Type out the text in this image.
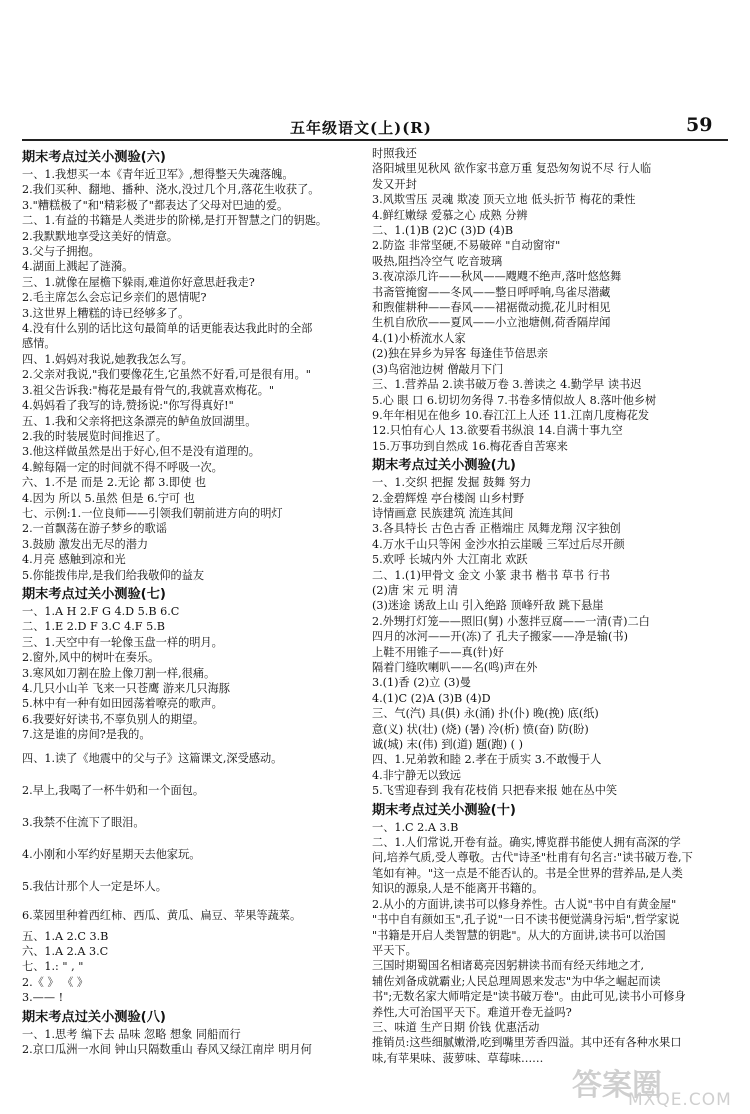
五年级语文(上)(R)	59
期末考点过关小测验(六)
一、1.我想买一本《青年近卫军》,想得整天失魂落魄。
2.我们买种、翻地、播种、浇水,没过几个月,落花生收获了。
3."糟糕极了"和"精彩极了"都表达了父母对巴迪的爱。
二、1.有益的书籍是人类进步的阶梯,是打开智慧之门的钥匙。
2.我默默地享受这美好的情意。
3.父与子拥抱。
4.湖面上溅起了涟漪。
三、1.就像在屋檐下躲雨,难道你好意思赶我走?
2.毛主席怎么会忘记乡亲们的恩情呢?
3.这世界上糟糕的诗已经够多了。
4.没有什么别的话比这句最简单的话更能表达我此时的全部
感情。
四、1.妈妈对我说,她教我怎么写。
2.父亲对我说,"我们要像花生,它虽然不好看,可是很有用。"
3.祖父告诉我:"梅花是最有骨气的,我就喜欢梅花。"
4.妈妈看了我写的诗,赞扬说:"你写得真好!"
五、1.我和父亲将把这条漂亮的鲈鱼放回湖里。
2.我的时装展览时间推迟了。
3.他这样做虽然是出于好心,但不是没有道理的。
4.鲸每隔一定的时间就不得不呼吸一次。
六、1.不是 而是 2.无论 都 3.即使 也
4.因为 所以 5.虽然 但是 6.宁可 也
七、示例:1.一位良师——引领我们朝前进方向的明灯
2.一首飘荡在游子梦乡的歌谣
3.鼓励 激发出无尽的潜力
4.月亮 感触到凉和光
5.你能拨伟岸,是我们给我敬仰的益友
期末考点过关小测验(七)
一、1.A H 2.F G 4.D 5.B 6.C
二、1.E 2.D F 3.C 4.F 5.B
三、1.天空中有一轮像玉盘一样的明月。
2.窗外,风中的树叶在奏乐。
3.寒风如刀割在脸上像刀割一样,很痛。
4.几只小山羊 飞来一只苍鹰 游来几只海豚
5.林中有一种有如田园荡着嘹亮的歌声。
6.我要好好读书,不辜负别人的期望。
7.这是谁的房间?是我的。
四、1.读了《地震中的父与子》这篇课文,深受感动。
2.早上,我喝了一杯牛奶和一个面包。
3.我禁不住流下了眼泪。
4.小刚和小军约好星期天去他家玩。
5.我估计那个人一定是坏人。
6.菜园里种着西红柿、西瓜、黄瓜、扁豆、苹果等蔬菜。
五、1.A 2.C 3.B
六、1.A 2.A 3.C
七、1.: " , "
2.《 》 《 》
3.—— !
期末考点过关小测验(八)
一、1.思考 编下去 品味 忽略 想象 同船而行
2.京口瓜洲一水间 钟山只隔数重山 春风又绿江南岸 明月何
时照我还
洛阳城里见秋风 欲作家书意万重 复恐匆匆说不尽 行人临
发又开封
3.风欺雪压 灵魂 欺凌 顶天立地 低头折节 梅花的秉性
4.鲜红嫩绿 爱慕之心 成熟 分辨
二、1.(1)B (2)C (3)D (4)B
2.防盗 非常坚硬,不易破碎 "自动窗帘"
吸热,阻挡冷空气 吃音玻璃
3.夜凉添几许——秋风——飕飕不绝声,落叶悠悠舞
书斋管掩窗——冬风——整日呼呼响,鸟雀尽潜藏
和煦催耕种——春风——裙裾微动揽,花儿时相见
生机自欣欣——夏风——小立池塘侧,荷香隔岸闻
4.(1)小桥流水人家
(2)独在异乡为异客 每逢佳节倍思亲
(3)鸟宿池边树 僧敲月下门
三、1.营养品 2.读书破万卷 3.善读之 4.勤学早 读书迟
5.心 眼 口 6.切切勿务得 7.书卷多情似故人 8.落叶他乡树
9.年年相见在他乡 10.春江江上人还 11.江南几度梅花发
12.只怕有心人 13.欲要看书纵浪 14.自满十事九空
15.万事功到自然成 16.梅花香自苦寒来
期末考点过关小测验(九)
一、1.交织 把握 发掘 鼓舞 努力
2.金碧辉煌 亭台楼阁 山乡村野
诗情画意 民族建筑 流连其间
3.各具特长 古色古香 正楷端庄 凤舞龙翔 汉字独创
4.万水千山只等闲 金沙水拍云崖暖 三军过后尽开颜
5.欢呼 长城内外 大江南北 欢跃
二、1.(1)甲骨文 金文 小篆 隶书 楷书 草书 行书
(2)唐 宋 元 明 清
(3)迷途 诱敌上山 引入绝路 顶峰歼敌 跳下悬崖
2.外甥打灯笼——照旧(舅) 小葱拌豆腐——一清(青)二白
四月的冰河——开(冻)了 孔夫子搬家——净是输(书)
上鞋不用锥子——真(针)好
隔着门缝吹喇叭——名(鸣)声在外
3.(1)香 (2)立 (3)曼
4.(1)C (2)A (3)B (4)D
三、气(汽) 具(俱) 永(涌) 扑(仆) 晚(挽) 底(纸)
意(义) 状(壮) (烧) (暑) 冷(析) 愤(奋) 防(盼)
诚(城) 末(伟) 到(道) 题(跑) ( )
四、1.兄弟敦和睦 2.孝在于质实 3.不敢慢于人
4.非宁静无以致远
5.飞雪迎春到 我有花枝俏 只把春来报 她在丛中笑
期末考点过关小测验(十)
一、1.C 2.A 3.B
二、1.人们常说,开卷有益。确实,博览群书能使人拥有高深的学
问,培养气质,受人尊敬。古代"诗圣"杜甫有句名言:"读书破万卷,下
笔如有神。"这一点是不能否认的。书是全世界的营养品,是人类
知识的源泉,人是不能离开书籍的。
2.从小的方面讲,读书可以修身养性。古人说"书中自有黄金屋"
"书中自有颜如玉",孔子说"一日不读书便觉满身污垢",哲学家说
"书籍是开启人类智慧的钥匙"。从大的方面讲,读书可以治国
平天下。
三国时期蜀国名相诸葛亮因躬耕读书而有经天纬地之才,
辅佐刘备成就霸业;人民总理周恩来发志"为中华之崛起而读
书";无数名家大师啃定是"读书破万卷"。由此可见,读书小可修身
养性,大可治国平天下。难道开卷无益吗?
三、味道 生产日期 价钱 优惠活动
推销员:这些细腻嫩滑,吃到嘴里芳香四溢。其中还有各种水果口
味,有苹果味、菠萝味、草莓味……
答案圈
MXQE.COM
